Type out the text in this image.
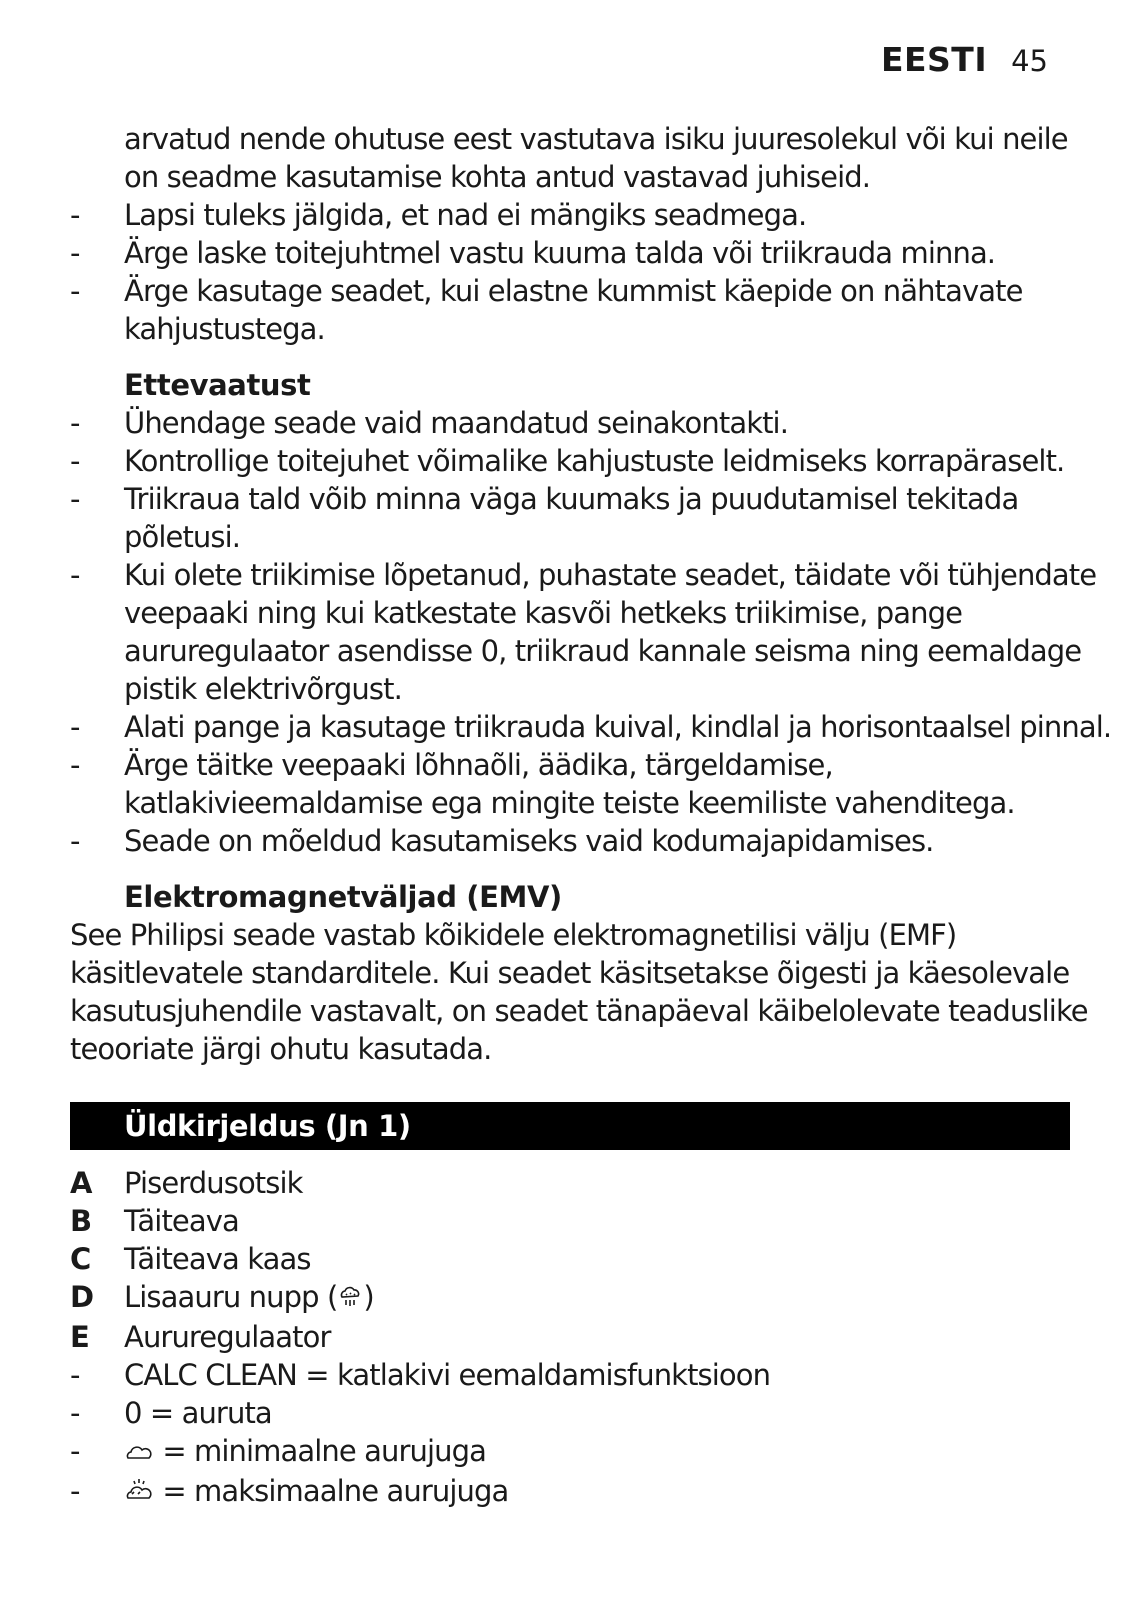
EESTI 45
arvatud nende ohutuse eest vastutava isiku juuresolekul või kui neile
on seadme kasutamise kohta antud vastavad juhiseid.
-	Lapsi tuleks jälgida, et nad ei mängiks seadmega.
-	Ärge laske toitejuhtmel vastu kuuma talda või triikrauda minna.
-	Ärge kasutage seadet, kui elastne kummist käepide on nähtavate
kahjustustega.
Ettevaatust
-	Ühendage seade vaid maandatud seinakontakti.
-	Kontrollige toitejuhet võimalike kahjustuste leidmiseks korrapäraselt.
-	Triikraua tald võib minna väga kuumaks ja puudutamisel tekitada
põletusi.
-	Kui olete triikimise lõpetanud, puhastate seadet, täidate või tühjendate
veepaaki ning kui katkestate kasvõi hetkeks triikimise, pange
aururegulaator asendisse 0, triikraud kannale seisma ning eemaldage
pistik elektrivõrgust.
-	Alati pange ja kasutage triikrauda kuival, kindlal ja horisontaalsel pinnal.
-	Ärge täitke veepaaki lõhnaõli, äädika, tärgeldamise,
katlakivieemaldamise ega mingite teiste keemiliste vahenditega.
-	Seade on mõeldud kasutamiseks vaid kodumajapidamises.
Elektromagnetväljad (EMV)
See Philipsi seade vastab kõikidele elektromagnetilisi välju (EMF)
käsitlevatele standarditele. Kui seadet käsitsetakse õigesti ja käesolevale
kasutusjuhendile vastavalt, on seadet tänapäeval käibelolevate teaduslike
teooriate järgi ohutu kasutada.
Üldkirjeldus (Jn 1)
A Piserdusotsik
B Täiteava
C Täiteava kaas
D Lisaauru nupp ( )
E Aururegulaator
-	CALC CLEAN = katlakivi eemaldamisfunktsioon
-	0 = auruta
-	= minimaalne aurujuga
-	= maksimaalne aurujuga
